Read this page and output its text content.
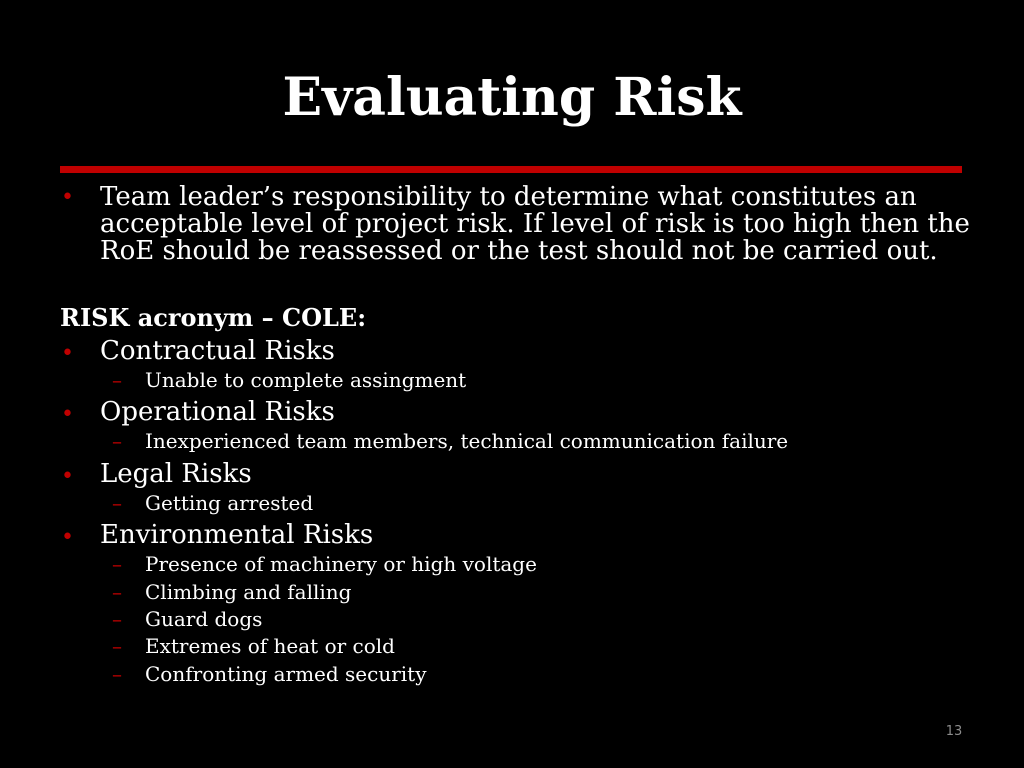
Evaluating Risk
• Team leader’s responsibility to determine what constitutes an acceptable level of project risk. If level of risk is too high then the RoE should be reassessed or the test should not be carried out.
RISK acronym – COLE:
• Contractual Risks
– Unable to complete assingment
• Operational Risks
– Inexperienced team members, technical communication failure
• Legal Risks
– Getting arrested
• Environmental Risks
– Presence of machinery or high voltage
– Climbing and falling
– Guard dogs
– Extremes of heat or cold
– Confronting armed security
13
